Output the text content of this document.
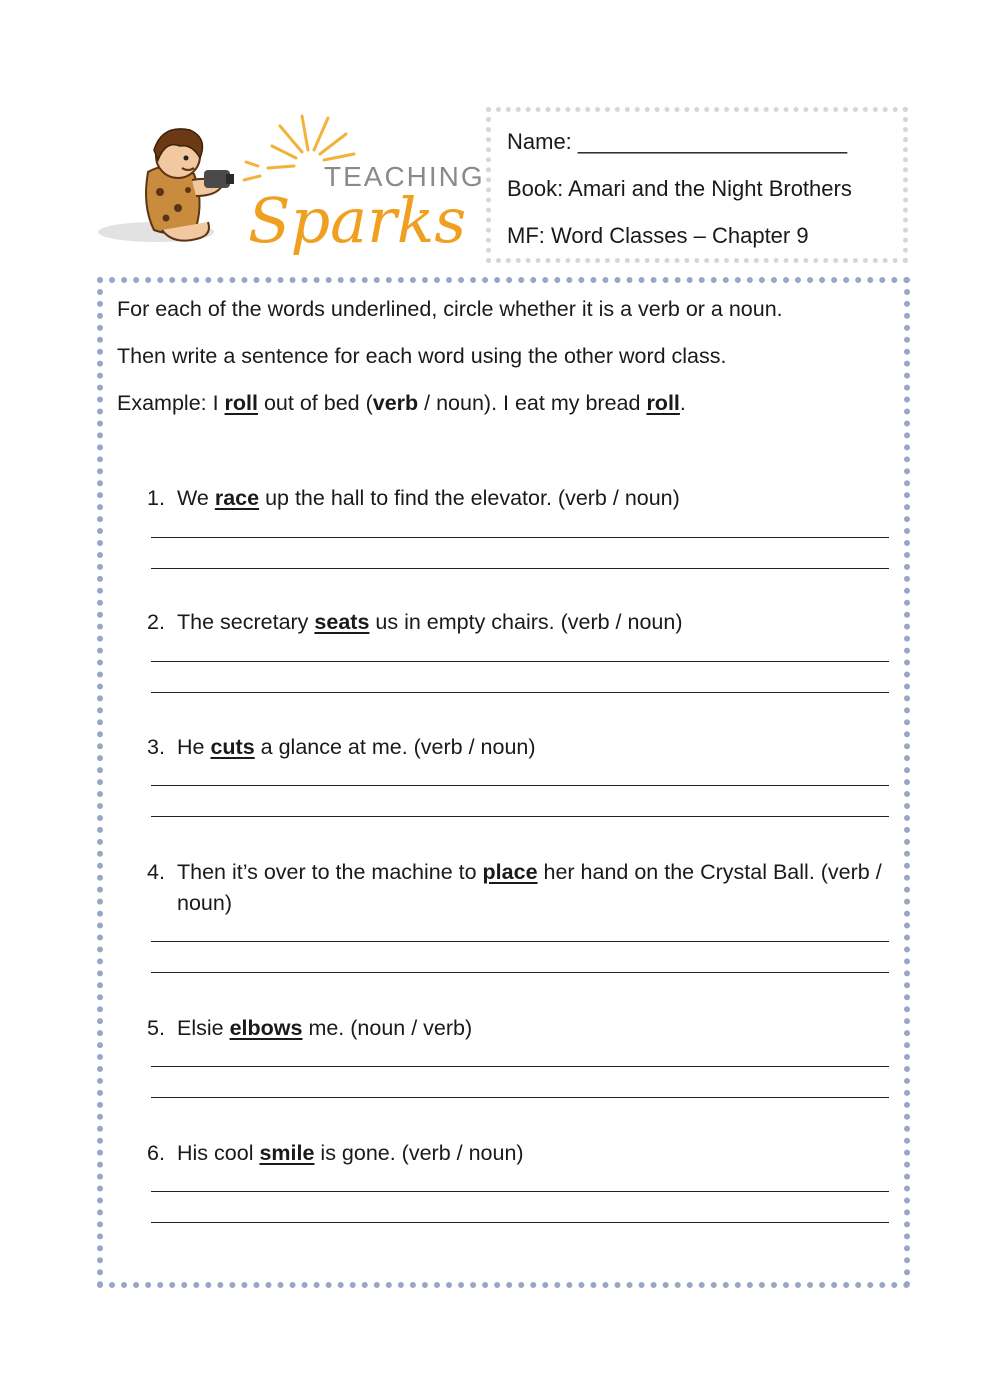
TEACHING
Sparks
Name: ______________________
Book: Amari and the Night Brothers
MF: Word Classes – Chapter 9
For each of the words underlined, circle whether it is a verb or a noun.
Then write a sentence for each word using the other word class.
Example: I roll out of bed (verb / noun). I eat my bread roll.
1. We race up the hall to find the elevator. (verb / noun)
2. The secretary seats us in empty chairs. (verb / noun)
3. He cuts a glance at me. (verb / noun)
4. Then it’s over to the machine to place her hand on the Crystal Ball. (verb / noun)
5. Elsie elbows me. (noun / verb)
6. His cool smile is gone. (verb / noun)
